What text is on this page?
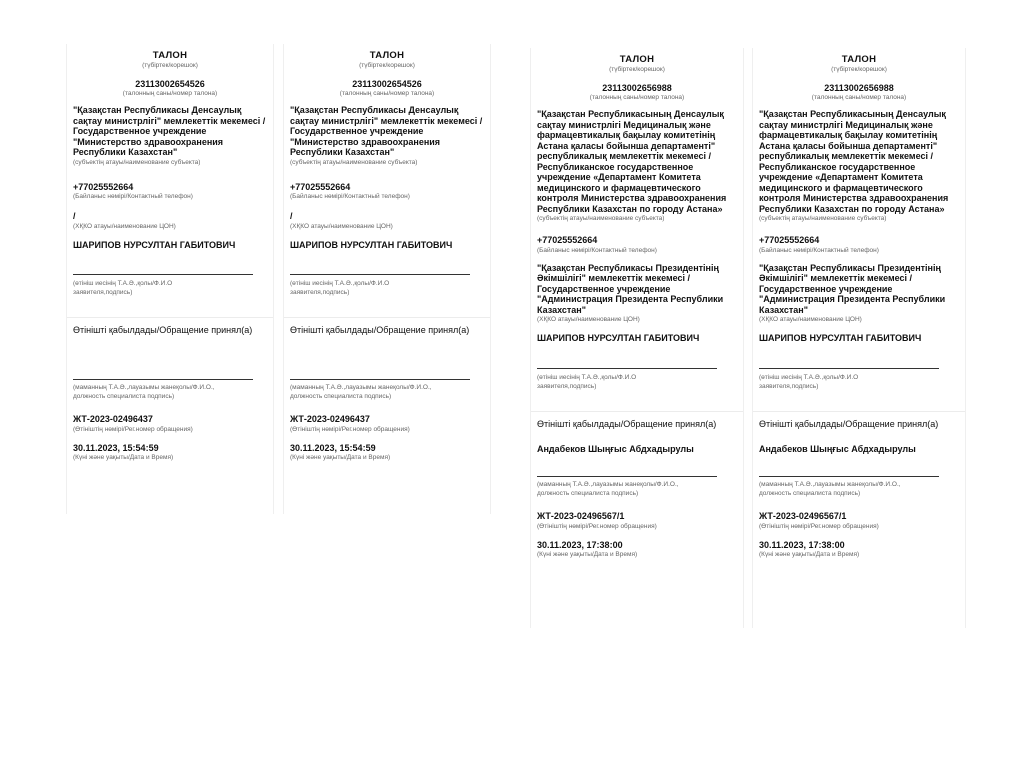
ТАЛОН
(түбіртек/корешок)
23113002654526
(талонның саны/номер талона)
"Қазақстан Республикасы Денсаулық
сақтау министрлігі" мемлекеттік мекемесі /
Государственное учреждение
"Министерство здравоохранения
Республики Казахстан"
(субъектің атауы/наименование субъекта)
+77025552664
(Байланыс нөмірі/Контактный телефон)
/
(ХҚКО атауы/наименование ЦОН)
ШАРИПОВ НУРСУЛТАН ГАБИТОВИЧ
(өтініш иесінің Т.А.Ә.,қолы/Ф.И.О
заявителя,подпись)
Өтінішті қабылдады/Обращение принял(а)
(маманның Т.А.Ә.,лауазымы жанеқолы/Ф.И.О.,
должность специалиста подпись)
ЖТ-2023-02496437
(Өтініштің нөмірі/Рег.номер обращения)
30.11.2023, 15:54:59
(Күні және уақыты/Дата и Время)
ТАЛОН
(түбіртек/корешок)
23113002654526
(талонның саны/номер талона)
"Қазақстан Республикасы Денсаулық
сақтау министрлігі" мемлекеттік мекемесі /
Государственное учреждение
"Министерство здравоохранения
Республики Казахстан"
(субъектің атауы/наименование субъекта)
+77025552664
(Байланыс нөмірі/Контактный телефон)
/
(ХҚКО атауы/наименование ЦОН)
ШАРИПОВ НУРСУЛТАН ГАБИТОВИЧ
(өтініш иесінің Т.А.Ә.,қолы/Ф.И.О
заявителя,подпись)
Өтінішті қабылдады/Обращение принял(а)
(маманның Т.А.Ә.,лауазымы жанеқолы/Ф.И.О.,
должность специалиста подпись)
ЖТ-2023-02496437
(Өтініштің нөмірі/Рег.номер обращения)
30.11.2023, 15:54:59
(Күні және уақыты/Дата и Время)
ТАЛОН
(түбіртек/корешок)
23113002656988
(талонның саны/номер талона)
"Қазақстан Республикасының Денсаулық
сақтау министрлігі Медициналық және
фармацевтикалық бақылау комитетінің
Астана қаласы бойынша департаменті"
республикалық мемлекеттік мекемесі /
Республиканское государственное
учреждение «Департамент Комитета
медицинского и фармацевтического
контроля Министерства здравоохранения
Республики Казахстан по городу Астана»
(субъектің атауы/наименование субъекта)
+77025552664
(Байланыс нөмірі/Контактный телефон)
"Қазақстан Республикасы Президентінің
Әкімшілігі" мемлекеттік мекемесі /
Государственное учреждение
"Администрация Президента Республики
Казахстан"
(ХҚКО атауы/наименование ЦОН)
ШАРИПОВ НУРСУЛТАН ГАБИТОВИЧ
(өтініш иесінің Т.А.Ә.,қолы/Ф.И.О
заявителя,подпись)
Өтінішті қабылдады/Обращение принял(а)
Андабеков Шыңғыс Абдхадырулы
(маманның Т.А.Ә.,лауазымы жанеқолы/Ф.И.О.,
должность специалиста подпись)
ЖТ-2023-02496567/1
(Өтініштің нөмірі/Рег.номер обращения)
30.11.2023, 17:38:00
(Күні және уақыты/Дата и Время)
ТАЛОН
(түбіртек/корешок)
23113002656988
(талонның саны/номер талона)
"Қазақстан Республикасының Денсаулық
сақтау министрлігі Медициналық және
фармацевтикалық бақылау комитетінің
Астана қаласы бойынша департаменті"
республикалық мемлекеттік мекемесі /
Республиканское государственное
учреждение «Департамент Комитета
медицинского и фармацевтического
контроля Министерства здравоохранения
Республики Казахстан по городу Астана»
(субъектің атауы/наименование субъекта)
+77025552664
(Байланыс нөмірі/Контактный телефон)
"Қазақстан Республикасы Президентінің
Әкімшілігі" мемлекеттік мекемесі /
Государственное учреждение
"Администрация Президента Республики
Казахстан"
(ХҚКО атауы/наименование ЦОН)
ШАРИПОВ НУРСУЛТАН ГАБИТОВИЧ
(өтініш иесінің Т.А.Ә.,қолы/Ф.И.О
заявителя,подпись)
Өтінішті қабылдады/Обращение принял(а)
Андабеков Шыңғыс Абдхадырулы
(маманның Т.А.Ә.,лауазымы жанеқолы/Ф.И.О.,
должность специалиста подпись)
ЖТ-2023-02496567/1
(Өтініштің нөмірі/Рег.номер обращения)
30.11.2023, 17:38:00
(Күні және уақыты/Дата и Время)
